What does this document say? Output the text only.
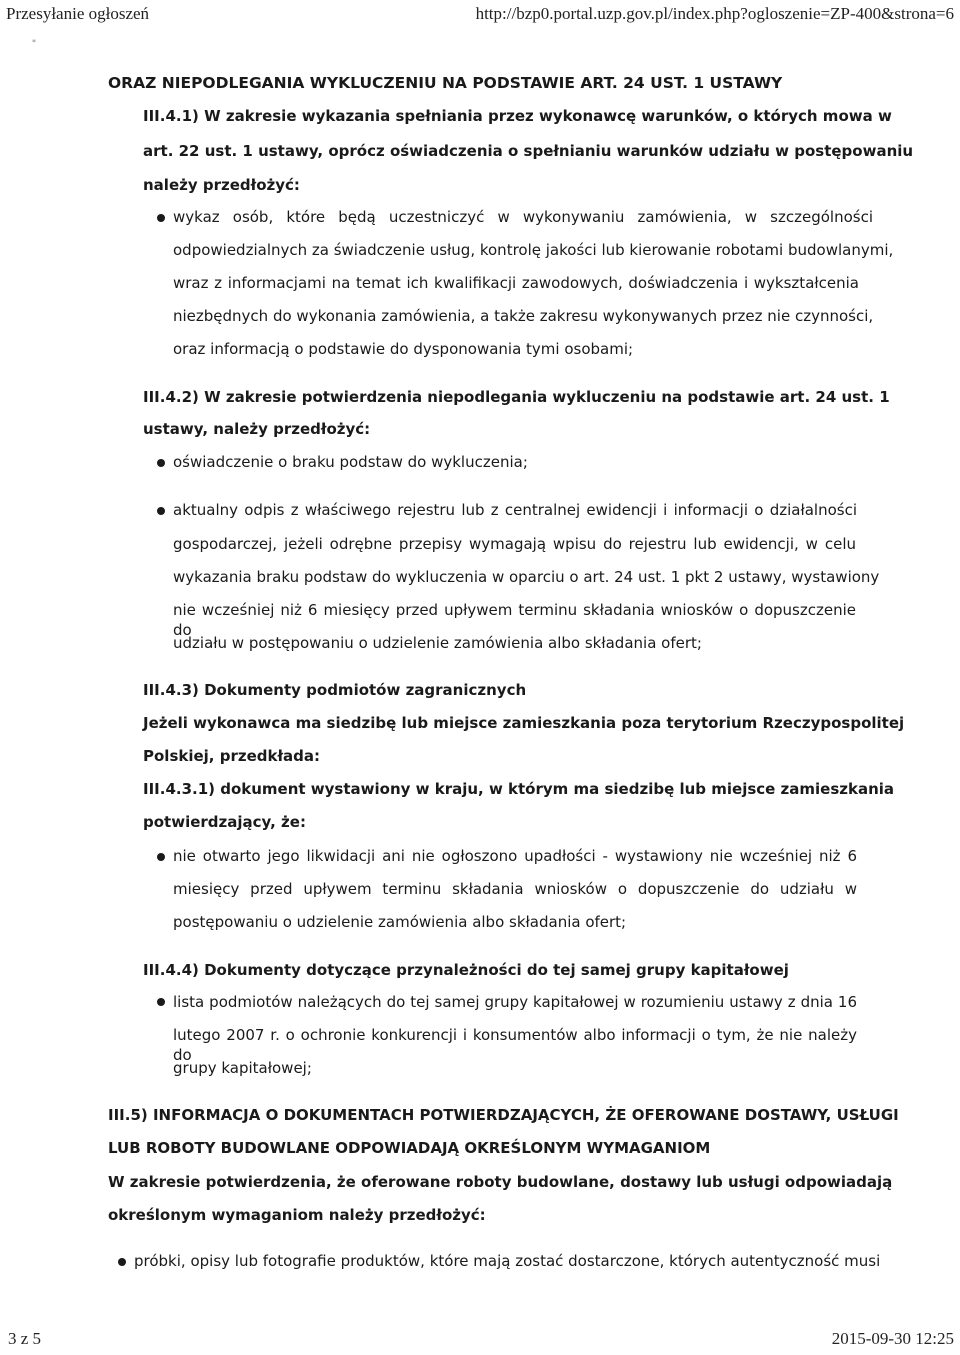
Przesyłanie ogłoszeń	http://bzp0.portal.uzp.gov.pl/index.php?ogloszenie=ZP-400&strona=6
*
ORAZ NIEPODLEGANIA WYKLUCZENIU NA PODSTAWIE ART. 24 UST. 1 USTAWY
III.4.1) W zakresie wykazania spełniania przez wykonawcę warunków, o których mowa w
art. 22 ust. 1 ustawy, oprócz oświadczenia o spełnianiu warunków udziału w postępowaniu
należy przedłożyć:
wykaz osób, które będą uczestniczyć w wykonywaniu zamówienia, w szczególności
odpowiedzialnych za świadczenie usług, kontrolę jakości lub kierowanie robotami budowlanymi,
wraz z informacjami na temat ich kwalifikacji zawodowych, doświadczenia i wykształcenia
niezbędnych do wykonania zamówienia, a także zakresu wykonywanych przez nie czynności,
oraz informacją o podstawie do dysponowania tymi osobami;
III.4.2) W zakresie potwierdzenia niepodlegania wykluczeniu na podstawie art. 24 ust. 1
ustawy, należy przedłożyć:
oświadczenie o braku podstaw do wykluczenia;
aktualny odpis z właściwego rejestru lub z centralnej ewidencji i informacji o działalności
gospodarczej, jeżeli odrębne przepisy wymagają wpisu do rejestru lub ewidencji, w celu
wykazania braku podstaw do wykluczenia w oparciu o art. 24 ust. 1 pkt 2 ustawy, wystawiony
nie wcześniej niż 6 miesięcy przed upływem terminu składania wniosków o dopuszczenie do
udziału w postępowaniu o udzielenie zamówienia albo składania ofert;
III.4.3) Dokumenty podmiotów zagranicznych
Jeżeli wykonawca ma siedzibę lub miejsce zamieszkania poza terytorium Rzeczypospolitej
Polskiej, przedkłada:
III.4.3.1) dokument wystawiony w kraju, w którym ma siedzibę lub miejsce zamieszkania
potwierdzający, że:
nie otwarto jego likwidacji ani nie ogłoszono upadłości - wystawiony nie wcześniej niż 6
miesięcy przed upływem terminu składania wniosków o dopuszczenie do udziału w
postępowaniu o udzielenie zamówienia albo składania ofert;
III.4.4) Dokumenty dotyczące przynależności do tej samej grupy kapitałowej
lista podmiotów należących do tej samej grupy kapitałowej w rozumieniu ustawy z dnia 16
lutego 2007 r. o ochronie konkurencji i konsumentów albo informacji o tym, że nie należy do
grupy kapitałowej;
III.5) INFORMACJA O DOKUMENTACH POTWIERDZAJĄCYCH, ŻE OFEROWANE DOSTAWY, USŁUGI
LUB ROBOTY BUDOWLANE ODPOWIADAJĄ OKREŚLONYM WYMAGANIOM
W zakresie potwierdzenia, że oferowane roboty budowlane, dostawy lub usługi odpowiadają
określonym wymaganiom należy przedłożyć:
próbki, opisy lub fotografie produktów, które mają zostać dostarczone, których autentyczność musi
3 z 5	2015-09-30 12:25
